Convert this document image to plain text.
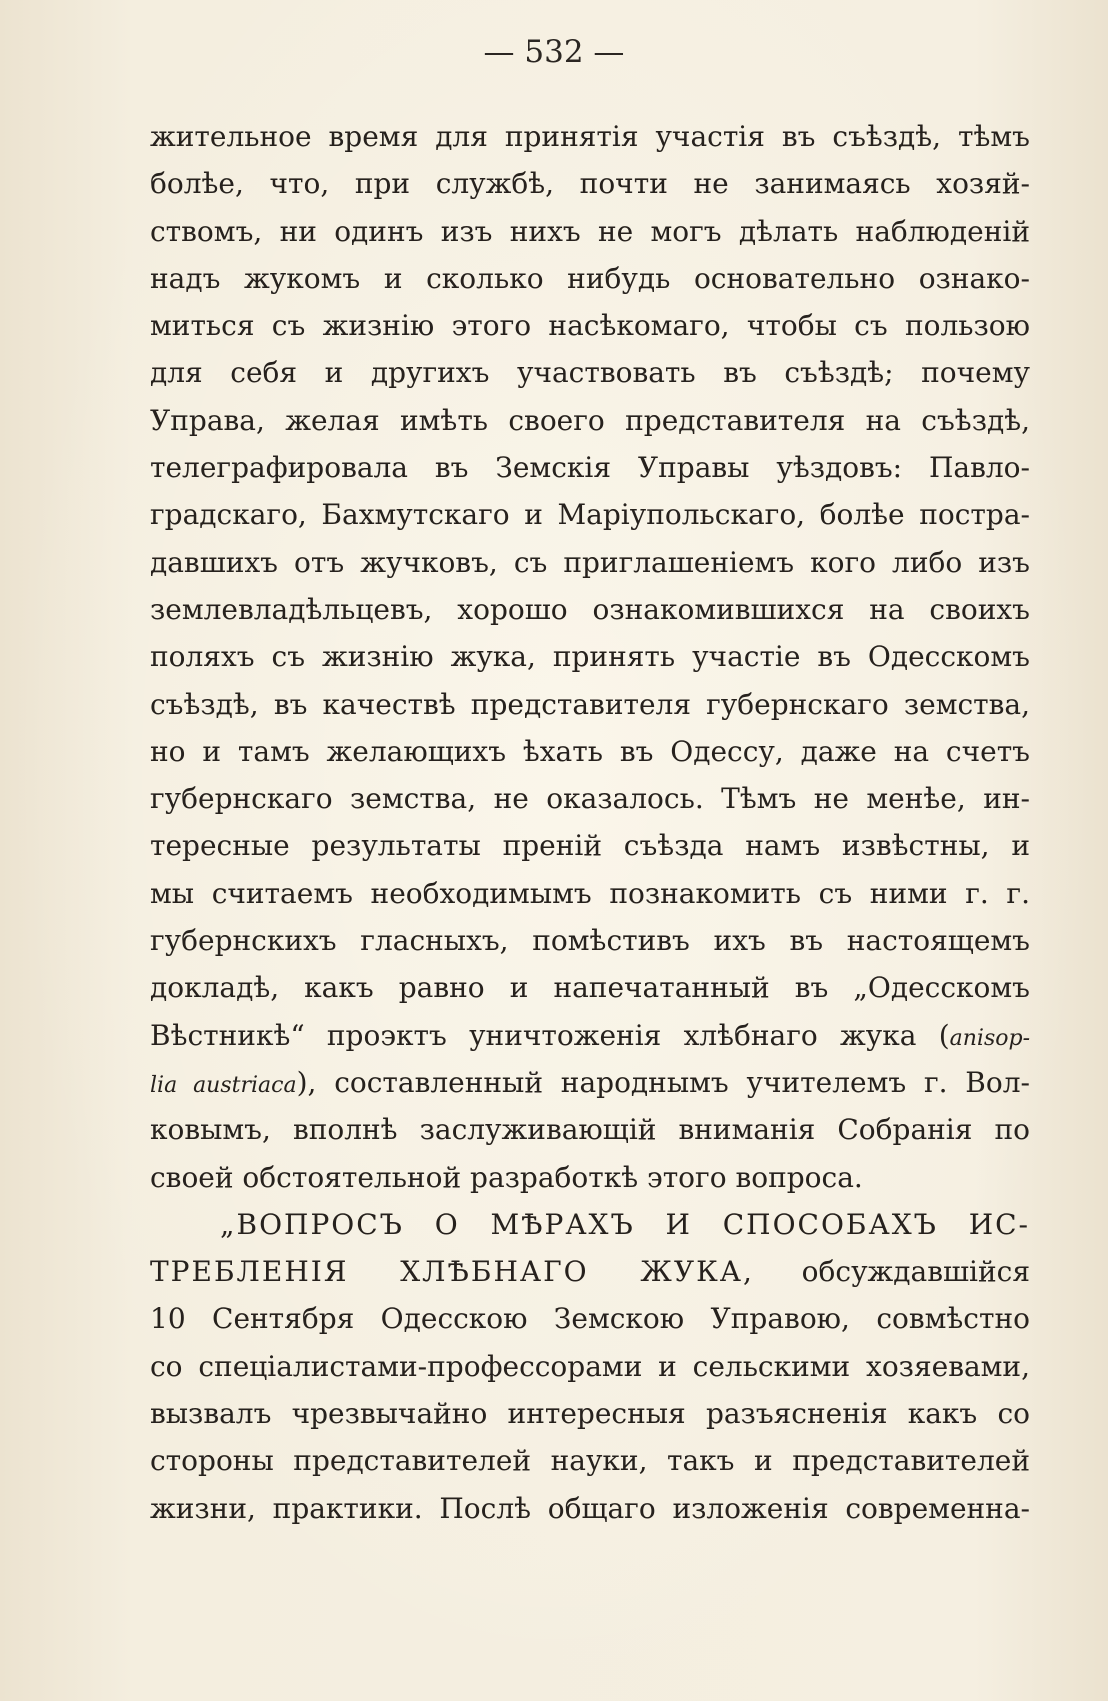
— 532 —
жительное время для принятія участія въ съѣздѣ, тѣмъ
болѣе, что, при службѣ, почти не занимаясь хозяй-
ствомъ, ни одинъ изъ нихъ не могъ дѣлать наблюденій
надъ жукомъ и сколько нибудь основательно ознако-
миться съ жизнію этого насѣкомаго, чтобы съ пользою
для себя и другихъ участвовать въ съѣздѣ; почему
Управа, желая имѣть своего представителя на съѣздѣ,
телеграфировала въ Земскія Управы уѣздовъ: Павло-
градскаго, Бахмутскаго и Маріупольскаго, болѣе постра-
давшихъ отъ жучковъ, съ приглашеніемъ кого либо изъ
землевладѣльцевъ, хорошо ознакомившихся на своихъ
поляхъ съ жизнію жука, принять участіе въ Одесскомъ
съѣздѣ, въ качествѣ представителя губернскаго земства,
но и тамъ желающихъ ѣхать въ Одессу, даже на счетъ
губернскаго земства, не оказалось. Тѣмъ не менѣе, ин-
тересные результаты преній съѣзда намъ извѣстны, и
мы считаемъ необходимымъ познакомить съ ними г. г.
губернскихъ гласныхъ, помѣстивъ ихъ въ настоящемъ
докладѣ, какъ равно и напечатанный въ „Одесскомъ
Вѣстникѣ“ проэктъ уничтоженія хлѣбнаго жука (anisop-
lia austriaca), составленный народнымъ учителемъ г. Вол-
ковымъ, вполнѣ заслуживающій вниманія Собранія по
своей обстоятельной разработкѣ этого вопроса.
„ВОПРОСЪ О МѢРАХЪ И СПОСОБАХЪ ИС-
ТРЕБЛЕНІЯ ХЛѢБНАГО ЖУКА, обсуждавшійся
10 Сентября Одесскою Земскою Управою, совмѣстно
со спеціалистами-профессорами и сельскими хозяевами,
вызвалъ чрезвычайно интересныя разъясненія какъ со
стороны представителей науки, такъ и представителей
жизни, практики. Послѣ общаго изложенія современна-
